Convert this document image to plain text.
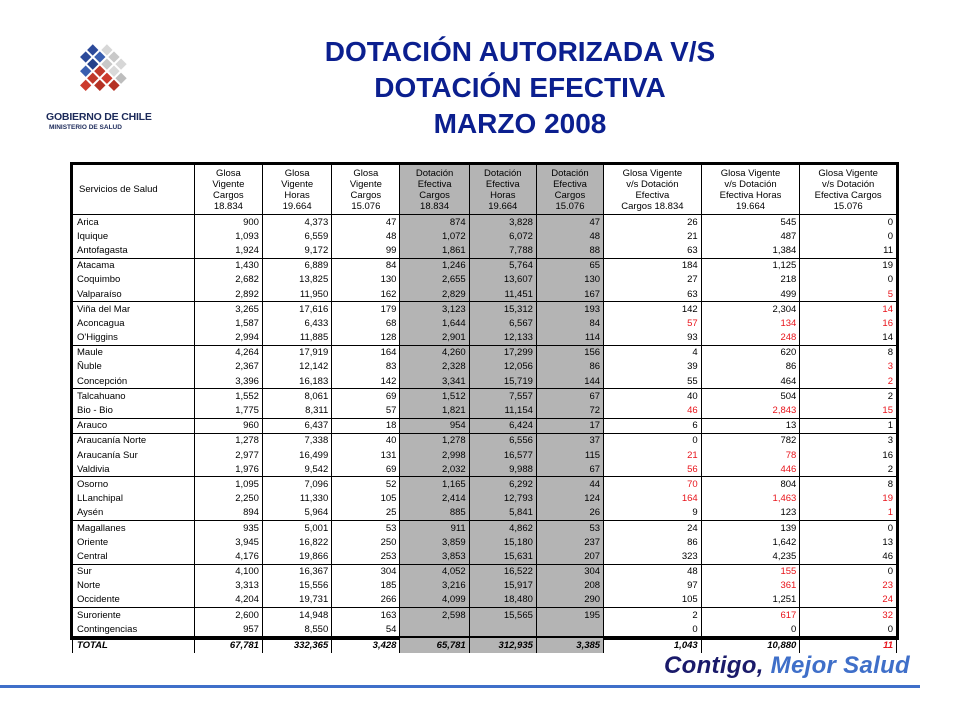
GOBIERNO DE CHILE
MINISTERIO DE SALUD
DOTACIÓN AUTORIZADA V/S
DOTACIÓN EFECTIVA
MARZO 2008
Servicios de Salud	Glosa
Vigente
Cargos
18.834	Glosa
Vigente
Horas
19.664	Glosa
Vigente
Cargos
15.076	Dotación
Efectiva
Cargos
18.834	Dotación
Efectiva
Horas
19.664	Dotación
Efectiva
Cargos
15.076	Glosa Vigente
v/s Dotación
Efectiva
Cargos 18.834	Glosa Vigente
v/s Dotación
Efectiva Horas
19.664	Glosa Vigente
v/s Dotación
Efectiva Cargos
15.076
Arica	900	4,373	47	874	3,828	47	26	545	0
Iquique	1,093	6,559	48	1,072	6,072	48	21	487	0
Antofagasta	1,924	9,172	99	1,861	7,788	88	63	1,384	11
Atacama	1,430	6,889	84	1,246	5,764	65	184	1,125	19
Coquimbo	2,682	13,825	130	2,655	13,607	130	27	218	0
Valparaíso	2,892	11,950	162	2,829	11,451	167	63	499	5
Viña del Mar	3,265	17,616	179	3,123	15,312	193	142	2,304	14
Aconcagua	1,587	6,433	68	1,644	6,567	84	57	134	16
O'Higgins	2,994	11,885	128	2,901	12,133	114	93	248	14
Maule	4,264	17,919	164	4,260	17,299	156	4	620	8
Ñuble	2,367	12,142	83	2,328	12,056	86	39	86	3
Concepción	3,396	16,183	142	3,341	15,719	144	55	464	2
Talcahuano	1,552	8,061	69	1,512	7,557	67	40	504	2
Bio - Bio	1,775	8,311	57	1,821	11,154	72	46	2,843	15
Arauco	960	6,437	18	954	6,424	17	6	13	1
Araucanía Norte	1,278	7,338	40	1,278	6,556	37	0	782	3
Araucanía Sur	2,977	16,499	131	2,998	16,577	115	21	78	16
Valdivia	1,976	9,542	69	2,032	9,988	67	56	446	2
Osorno	1,095	7,096	52	1,165	6,292	44	70	804	8
LLanchipal	2,250	11,330	105	2,414	12,793	124	164	1,463	19
Aysén	894	5,964	25	885	5,841	26	9	123	1
Magallanes	935	5,001	53	911	4,862	53	24	139	0
Oriente	3,945	16,822	250	3,859	15,180	237	86	1,642	13
Central	4,176	19,866	253	3,853	15,631	207	323	4,235	46
Sur	4,100	16,367	304	4,052	16,522	304	48	155	0
Norte	3,313	15,556	185	3,216	15,917	208	97	361	23
Occidente	4,204	19,731	266	4,099	18,480	290	105	1,251	24
Suroriente	2,600	14,948	163	2,598	15,565	195	2	617	32
Contingencias	957	8,550	54				0	0	0
TOTAL	67,781	332,365	3,428	65,781	312,935	3,385	1,043	10,880	11
Contigo, Mejor Salud
